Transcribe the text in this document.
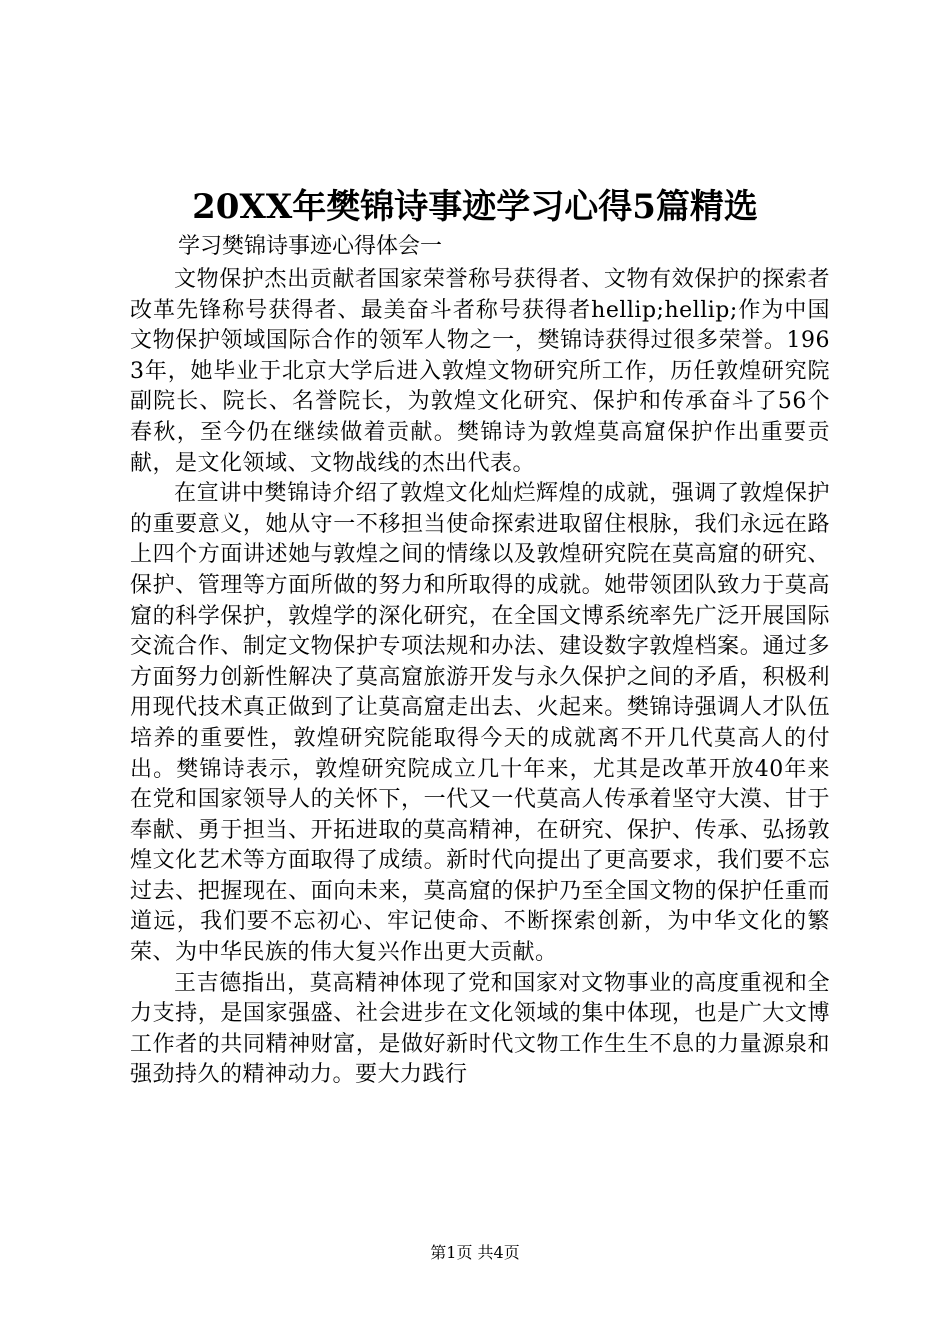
20XX年樊锦诗事迹学习心得5篇精选
学习樊锦诗事迹心得体会一

文物保护杰出贡献者国家荣誉称号获得者、文物有效保护的探索者改革先锋称号获得者、最美奋斗者称号获得者hellip;hellip;作为中国文物保护领域国际合作的领军人物之一，樊锦诗获得过很多荣誉。1963年，她毕业于北京大学后进入敦煌文物研究所工作，历任敦煌研究院副院长、院长、名誉院长，为敦煌文化研究、保护和传承奋斗了56个春秋，至今仍在继续做着贡献。樊锦诗为敦煌莫高窟保护作出重要贡献，是文化领域、文物战线的杰出代表。

在宣讲中樊锦诗介绍了敦煌文化灿烂辉煌的成就，强调了敦煌保护的重要意义，她从守一不移担当使命探索进取留住根脉，我们永远在路上四个方面讲述她与敦煌之间的情缘以及敦煌研究院在莫高窟的研究、保护、管理等方面所做的努力和所取得的成就。她带领团队致力于莫高窟的科学保护，敦煌学的深化研究，在全国文博系统率先广泛开展国际交流合作、制定文物保护专项法规和办法、建设数字敦煌档案。通过多方面努力创新性解决了莫高窟旅游开发与永久保护之间的矛盾，积极利用现代技术真正做到了让莫高窟走出去、火起来。樊锦诗强调人才队伍培养的重要性，敦煌研究院能取得今天的成就离不开几代莫高人的付出。樊锦诗表示，敦煌研究院成立几十年来，尤其是改革开放40年来在党和国家领导人的关怀下，一代又一代莫高人传承着坚守大漠、甘于奉献、勇于担当、开拓进取的莫高精神，在研究、保护、传承、弘扬敦煌文化艺术等方面取得了成绩。新时代向提出了更高要求，我们要不忘过去、把握现在、面向未来，莫高窟的保护乃至全国文物的保护任重而道远，我们要不忘初心、牢记使命、不断探索创新，为中华文化的繁荣、为中华民族的伟大复兴作出更大贡献。

王吉德指出，莫高精神体现了党和国家对文物事业的高度重视和全力支持，是国家强盛、社会进步在文化领域的集中体现，也是广大文博工作者的共同精神财富，是做好新时代文物工作生生不息的力量源泉和强劲持久的精神动力。要大力践行

第1页 共4页
